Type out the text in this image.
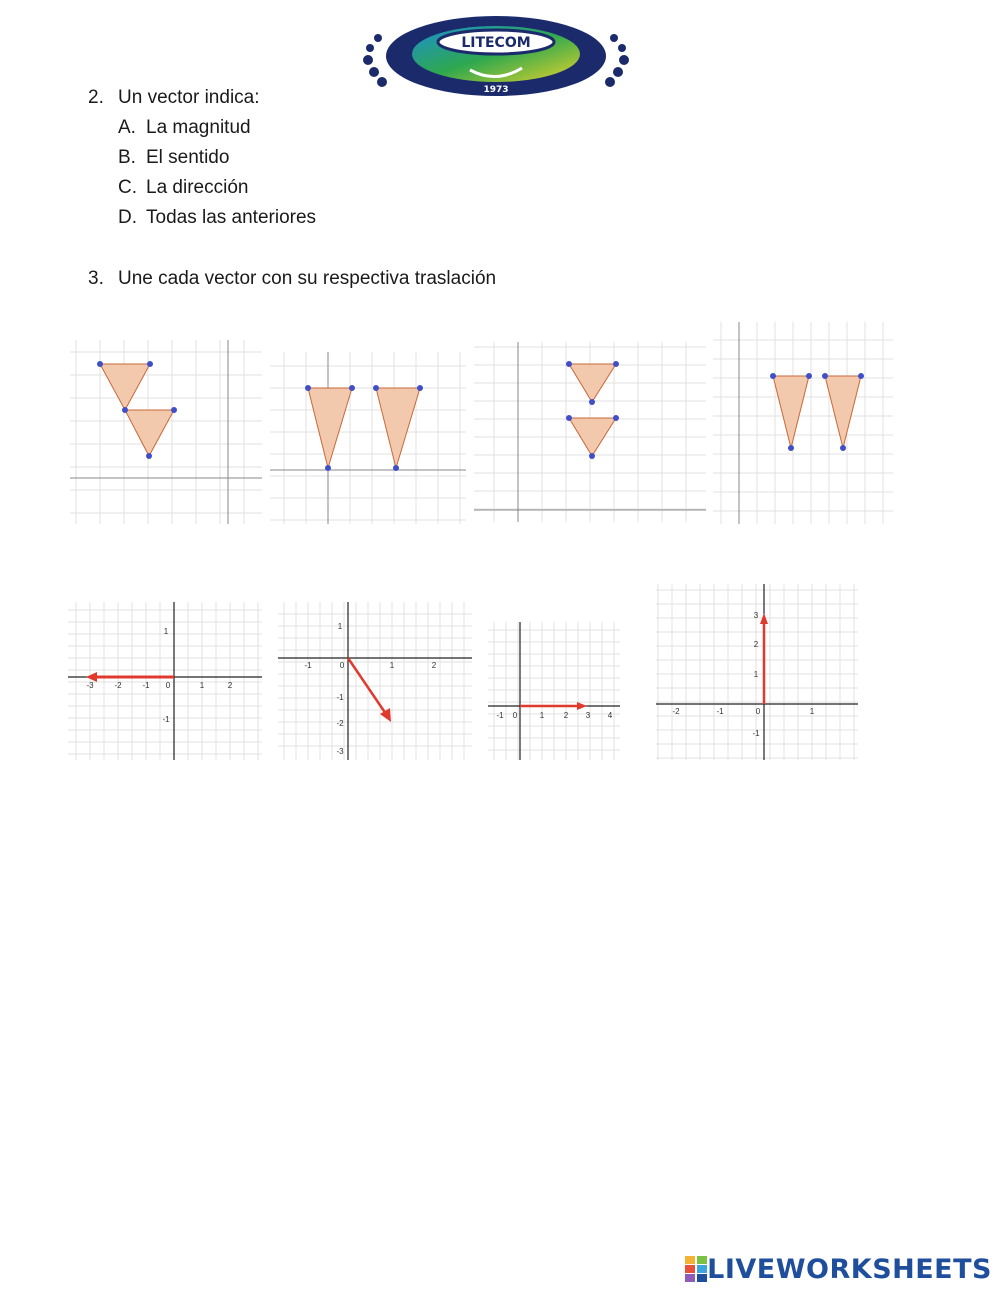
LITECOM
1973
2. Un vector indica:
A. La magnitud
B. El sentido
C. La dirección
D. Todas las anteriores
3. Une cada vector con su respectiva traslación
-3	-2	-1 0	1	2
1
-1
-1	0	1	2
1
-1
-2
-3
-1 0	1 2 3 4	-2	-1	0	1
3
2
1
-1
LIVEWORKSHEETS
